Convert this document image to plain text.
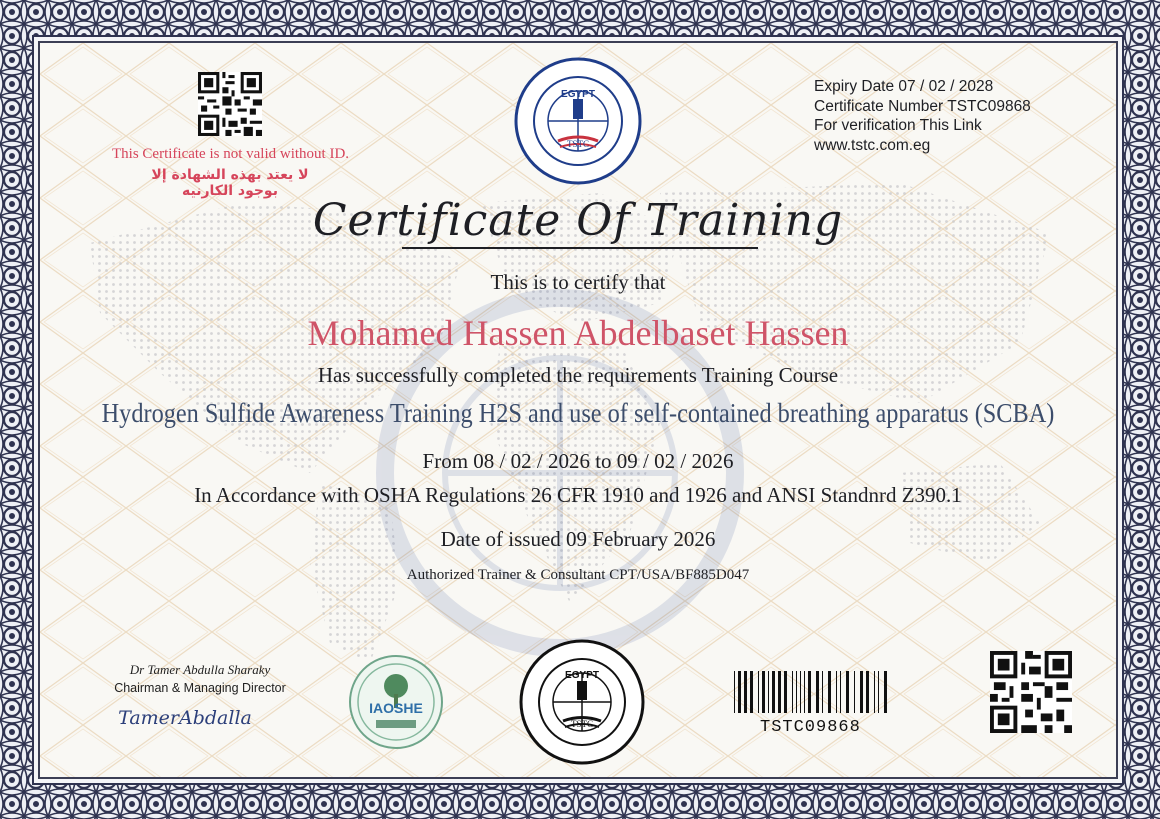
This Certificate is not valid without ID.
لا يعتد بهذه الشهادة إلا بوجود الكارنيه
EGYPT
TSTC
Expiry Date 07 / 02 / 2028
Certificate Number TSTC09868
For verification This Link
www.tstc.com.eg
Certificate Of Training
This is to certify that
Mohamed Hassen Abdelbaset Hassen
Has successfully completed the requirements Training Course
Hydrogen Sulfide Awareness Training H2S and use of self-contained breathing apparatus (SCBA)
From 08 / 02 / 2026 to 09 / 02 / 2026
In Accordance with OSHA Regulations 26 CFR 1910 and 1926 and ANSI Standnrd Z390.1
Date of issued 09 February 2026
Authorized Trainer & Consultant CPT/USA/BF885D047
Dr Tamer Abdulla Sharaky
Chairman & Managing Director
TamerAbdalla	IAOSHE
EGYPT
TSTC	TSTC09868
